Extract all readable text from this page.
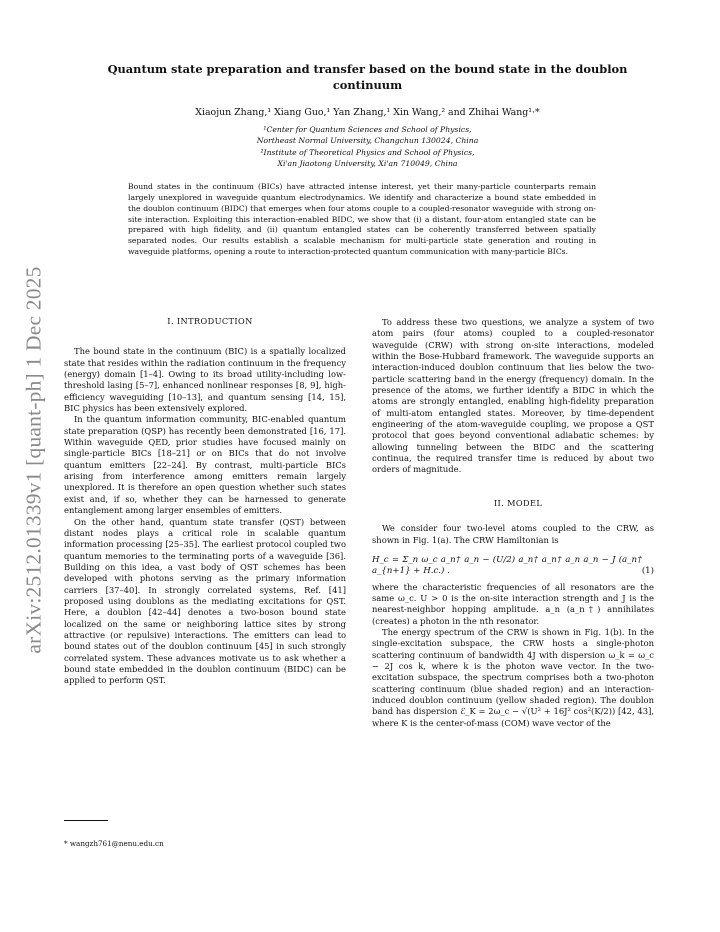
arXiv:2512.01339v1 [quant-ph] 1 Dec 2025
Quantum state preparation and transfer based on the bound state in the doublon continuum
Xiaojun Zhang,¹ Xiang Guo,¹ Yan Zhang,¹ Xin Wang,² and Zhihai Wang¹·*
¹Center for Quantum Sciences and School of Physics,
Northeast Normal University, Changchun 130024, China
²Institute of Theoretical Physics and School of Physics,
Xi'an Jiaotong University, Xi'an 710049, China
Bound states in the continuum (BICs) have attracted intense interest, yet their many-particle counterparts remain largely unexplored in waveguide quantum electrodynamics. We identify and characterize a bound state embedded in the doublon continuum (BIDC) that emerges when four atoms couple to a coupled-resonator waveguide with strong on-site interaction. Exploiting this interaction-enabled BIDC, we show that (i) a distant, four-atom entangled state can be prepared with high fidelity, and (ii) quantum entangled states can be coherently transferred between spatially separated nodes. Our results establish a scalable mechanism for multi-particle state generation and routing in waveguide platforms, opening a route to interaction-protected quantum communication with many-particle BICs.

I. INTRODUCTION

The bound state in the continuum (BIC) is a spatially localized state that resides within the radiation continuum in the frequency (energy) domain [1–4]. Owing to its broad utility-including low-threshold lasing [5–7], enhanced nonlinear responses [8, 9], high-efficiency waveguiding [10–13], and quantum sensing [14, 15], BIC physics has been extensively explored.

In the quantum information community, BIC-enabled quantum state preparation (QSP) has recently been demonstrated [16, 17]. Within waveguide QED, prior studies have focused mainly on single-particle BICs [18–21] or on BICs that do not involve quantum emitters [22–24]. By contrast, multi-particle BICs arising from interference among emitters remain largely unexplored. It is therefore an open question whether such states exist and, if so, whether they can be harnessed to generate entanglement among larger ensembles of emitters.

On the other hand, quantum state transfer (QST) between distant nodes plays a critical role in scalable quantum information processing [25–35]. The earliest protocol coupled two quantum memories to the terminating ports of a waveguide [36]. Building on this idea, a vast body of QST schemes has been developed with photons serving as the primary information carriers [37–40]. In strongly correlated systems, Ref. [41] proposed using doublons as the mediating excitations for QST. Here, a doublon [42–44] denotes a two-boson bound state localized on the same or neighboring lattice sites by strong attractive (or repulsive) interactions. The emitters can lead to bound states out of the doublon continuum [45] in such strongly correlated system. These advances motivate us to ask whether a bound state embedded in the doublon continuum (BIDC) can be applied to perform QST.

* wangzh761@nenu.edu.cn

To address these two questions, we analyze a system of two atom pairs (four atoms) coupled to a coupled-resonator waveguide (CRW) with strong on-site interactions, modeled within the Bose-Hubbard framework. The waveguide supports an interaction-induced doublon continuum that lies below the two-particle scattering band in the energy (frequency) domain. In the presence of the atoms, we further identify a BIDC in which the atoms are strongly entangled, enabling high-fidelity preparation of multi-atom entangled states. Moreover, by time-dependent engineering of the atom-waveguide coupling, we propose a QST protocol that goes beyond conventional adiabatic schemes: by allowing tunneling between the BIDC and the scattering continua, the required transfer time is reduced by about two orders of magnitude.

II. MODEL

We consider four two-level atoms coupled to the CRW, as shown in Fig. 1(a). The CRW Hamiltonian is

H_c = Σ_n ω_c a_n† a_n − (U/2) a_n† a_n† a_n a_n − J (a_n† a_{n+1} + H.c.) .	(1)

where the characteristic frequencies of all resonators are the same ω_c. U > 0 is the on-site interaction strength and J is the nearest-neighbor hopping amplitude. a_n (a_n†) annihilates (creates) a photon in the nth resonator.

The energy spectrum of the CRW is shown in Fig. 1(b). In the single-excitation subspace, the CRW hosts a single-photon scattering continuum of bandwidth 4J with dispersion ω_k = ω_c − 2J cos k, where k is the photon wave vector. In the two-excitation subspace, the spectrum comprises both a two-photon scattering continuum (blue shaded region) and an interaction-induced doublon continuum (yellow shaded region). The doublon band has dispersion ℰ_K = 2ω_c − √(U² + 16J² cos²(K/2)) [42, 43], where K is the center-of-mass (COM) wave vector of the
